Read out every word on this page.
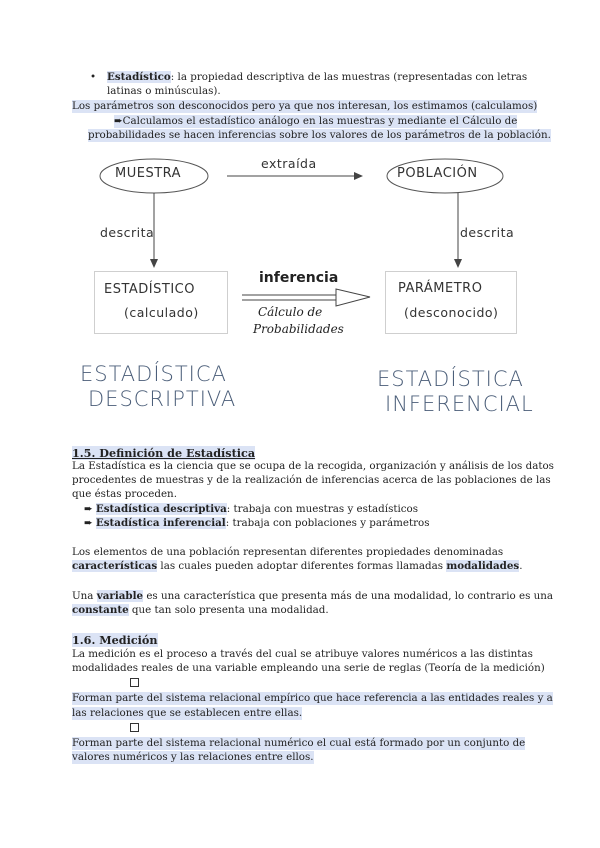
• Estadístico: la propiedad descriptiva de las muestras (representadas con letras
latinas o minúsculas).
Los parámetros son desconocidos pero ya que nos interesan, los estimamos (calculamos)
➨Calculamos el estadístico análogo en las muestras y mediante el Cálculo de
probabilidades se hacen inferencias sobre los valores de los parámetros de la población.
MUESTRA	POBLACIÓN
extraída
descrita	descrita
ESTADÍSTICO
(calculado)
PARÁMETRO
(desconocido)
inferencia
Cálculo de
Probabilidades
ESTADÍSTICA
DESCRIPTIVA
ESTADÍSTICA
INFERENCIAL
1.5. Definición de Estadística
La Estadística es la ciencia que se ocupa de la recogida, organización y análisis de los datos
procedentes de muestras y de la realización de inferencias acerca de las poblaciones de las
que éstas proceden.
➨ Estadística descriptiva: trabaja con muestras y estadísticos
➨ Estadística inferencial: trabaja con poblaciones y parámetros
Los elementos de una población representan diferentes propiedades denominadas
características las cuales pueden adoptar diferentes formas llamadas modalidades.
Una variable es una característica que presenta más de una modalidad, lo contrario es una
constante que tan solo presenta una modalidad.
1.6. Medición
La medición es el proceso a través del cual se atribuye valores numéricos a las distintas
modalidades reales de una variable empleando una serie de reglas (Teoría de la medición)
Forman parte del sistema relacional empírico que hace referencia a las entidades reales y a
las relaciones que se establecen entre ellas.
Forman parte del sistema relacional numérico el cual está formado por un conjunto de
valores numéricos y las relaciones entre ellos.
